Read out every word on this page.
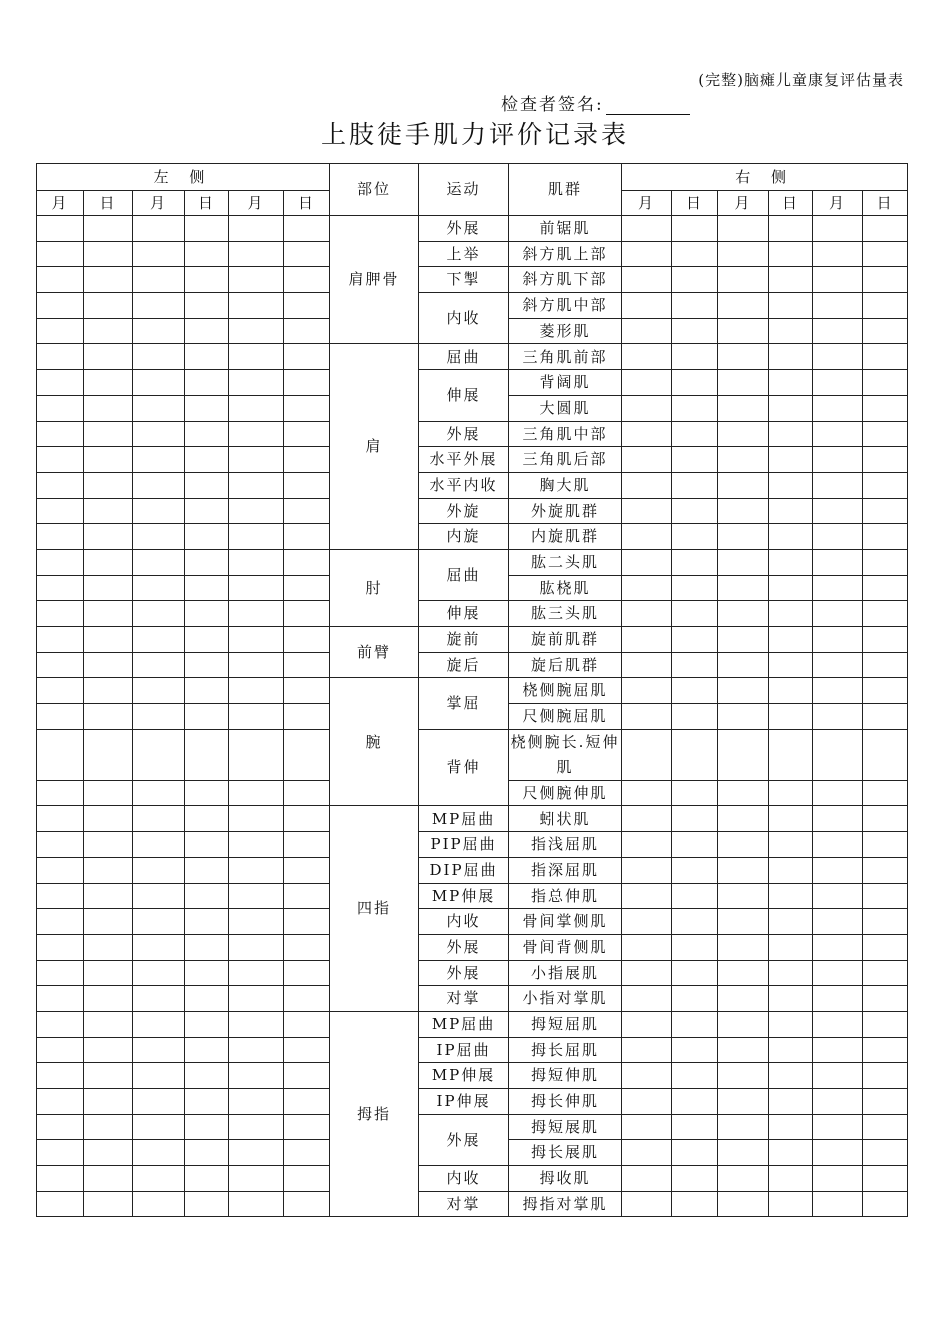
(完整)脑瘫儿童康复评估量表
检查者签名:
上肢徒手肌力评价记录表
左 侧						部位	运动	肌群	右 侧					
月	日	月	日	月	日				月	日	月	日	月	日
						肩胛骨	外展	前锯肌						
							上举	斜方肌上部						
							下掣	斜方肌下部						
							内收	斜方肌中部						
								菱形肌						
						肩	屈曲	三角肌前部						
							伸展	背阔肌						
								大圆肌						
							外展	三角肌中部						
							水平外展	三角肌后部						
							水平内收	胸大肌						
							外旋	外旋肌群						
							内旋	内旋肌群						
						肘	屈曲	肱二头肌						
								肱桡肌						
							伸展	肱三头肌						
						前臂	旋前	旋前肌群						
							旋后	旋后肌群						
						腕	掌屈	桡侧腕屈肌						
								尺侧腕屈肌						
							背伸	桡侧腕长.短伸肌						
								尺侧腕伸肌						
						四指	MP屈曲	蚓状肌						
							PIP屈曲	指浅屈肌						
							DIP屈曲	指深屈肌						
							MP伸展	指总伸肌						
							内收	骨间掌侧肌						
							外展	骨间背侧肌						
							外展	小指展肌						
							对掌	小指对掌肌						
						拇指	MP屈曲	拇短屈肌						
							IP屈曲	拇长屈肌						
							MP伸展	拇短伸肌						
							IP伸展	拇长伸肌						
							外展	拇短展肌						
								拇长展肌						
							内收	拇收肌						
							对掌	拇指对掌肌						
